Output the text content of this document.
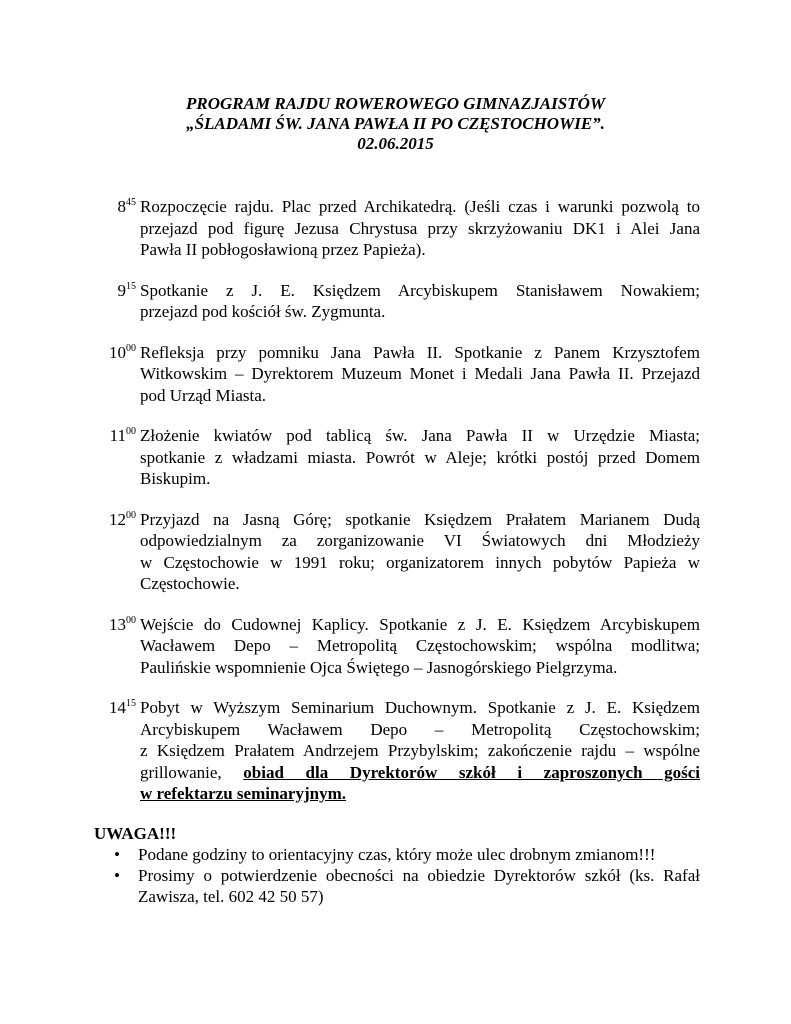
PROGRAM RAJDU ROWEROWEGO GIMNAZJAISTÓW
„ŚLADAMI ŚW. JANA PAWŁA II PO CZĘSTOCHOWIE”.
02.06.2015
$8^{45}$ Rozpoczęcie rajdu. Plac przed Archikatedrą. (Jeśli czas i warunki pozwolą to
przejazd pod figurę Jezusa Chrystusa przy skrzyżowaniu DK1 i Alei Jana
Pawła II pobłogosławioną przez Papieża).
$9^{15}$ Spotkanie z J. E. Księdzem Arcybiskupem Stanisławem Nowakiem;
przejazd pod kościół św. Zygmunta.
$10^{00}$ Refleksja przy pomniku Jana Pawła II. Spotkanie z Panem Krzysztofem
Witkowskim – Dyrektorem Muzeum Monet i Medali Jana Pawła II. Przejazd
pod Urząd Miasta.
$11^{00}$ Złożenie kwiatów pod tablicą św. Jana Pawła II w Urzędzie Miasta;
spotkanie z władzami miasta. Powrót w Aleje; krótki postój przed Domem
Biskupim.
$12^{00}$ Przyjazd na Jasną Górę; spotkanie Księdzem Prałatem Marianem Dudą
odpowiedzialnym za zorganizowanie VI Światowych dni Młodzieży
w Częstochowie w 1991 roku; organizatorem innych pobytów Papieża w
Częstochowie.
$13^{00}$ Wejście do Cudownej Kaplicy. Spotkanie z J. E. Księdzem Arcybiskupem
Wacławem Depo – Metropolitą Częstochowskim; wspólna modlitwa;
Paulińskie wspomnienie Ojca Świętego – Jasnogórskiego Pielgrzyma.
$14^{15}$ Pobyt w Wyższym Seminarium Duchownym. Spotkanie z J. E. Księdzem
Arcybiskupem Wacławem Depo – Metropolitą Częstochowskim;
z Księdzem Prałatem Andrzejem Przybylskim; zakończenie rajdu – wspólne
grillowanie, obiad dla Dyrektorów szkół i zaproszonych gości
w refektarzu seminaryjnym.
UWAGA!!!
• Podane godziny to orientacyjny czas, który może ulec drobnym zmianom!!!
• Prosimy o potwierdzenie obecności na obiedzie Dyrektorów szkół (ks. Rafał
Zawisza, tel. 602 42 50 57)
